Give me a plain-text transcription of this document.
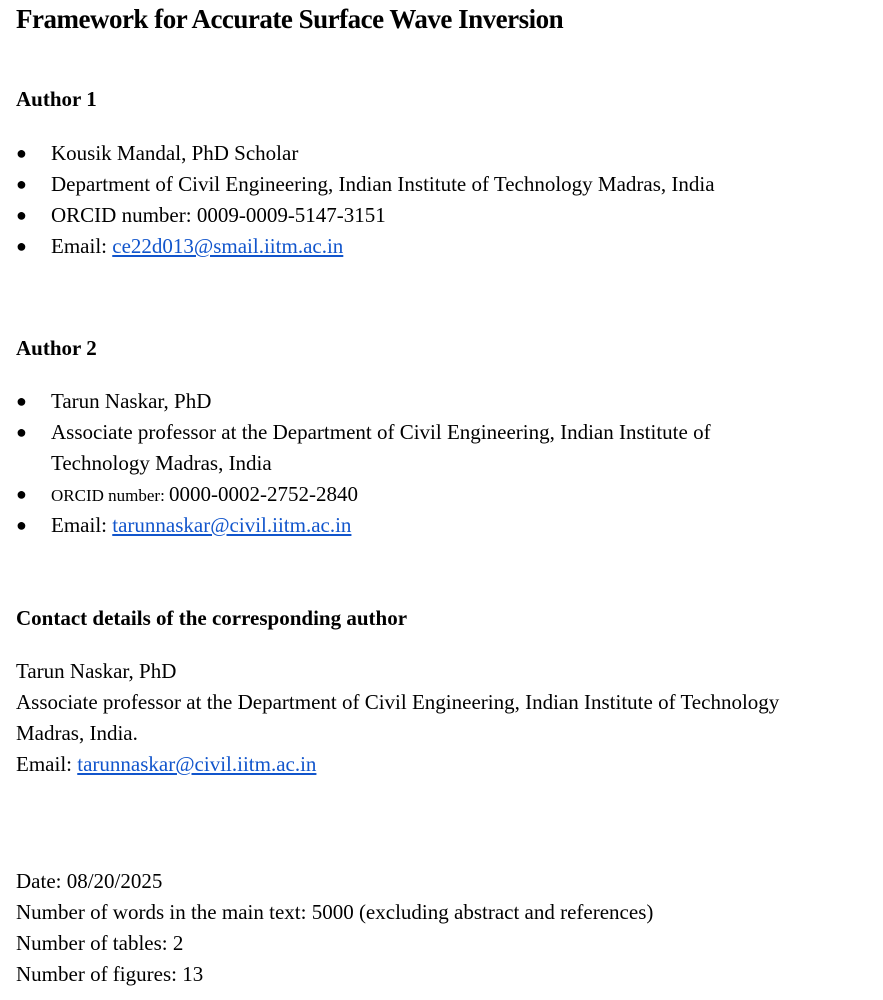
Framework for Accurate Surface Wave Inversion
Author 1
●	Kousik Mandal, PhD Scholar
●	Department of Civil Engineering, Indian Institute of Technology Madras, India
●	ORCID number: 0009-0009-5147-3151
●	Email: ce22d013@smail.iitm.ac.in
Author 2
●	Tarun Naskar, PhD
●	Associate professor at the Department of Civil Engineering, Indian Institute of
Technology Madras, India
●	ORCID number: 0000-0002-2752-2840
●	Email: tarunnaskar@civil.iitm.ac.in
Contact details of the corresponding author
Tarun Naskar, PhD
Associate professor at the Department of Civil Engineering, Indian Institute of Technology
Madras, India.
Email: tarunnaskar@civil.iitm.ac.in
Date: 08/20/2025
Number of words in the main text: 5000 (excluding abstract and references)
Number of tables: 2
Number of figures: 13
